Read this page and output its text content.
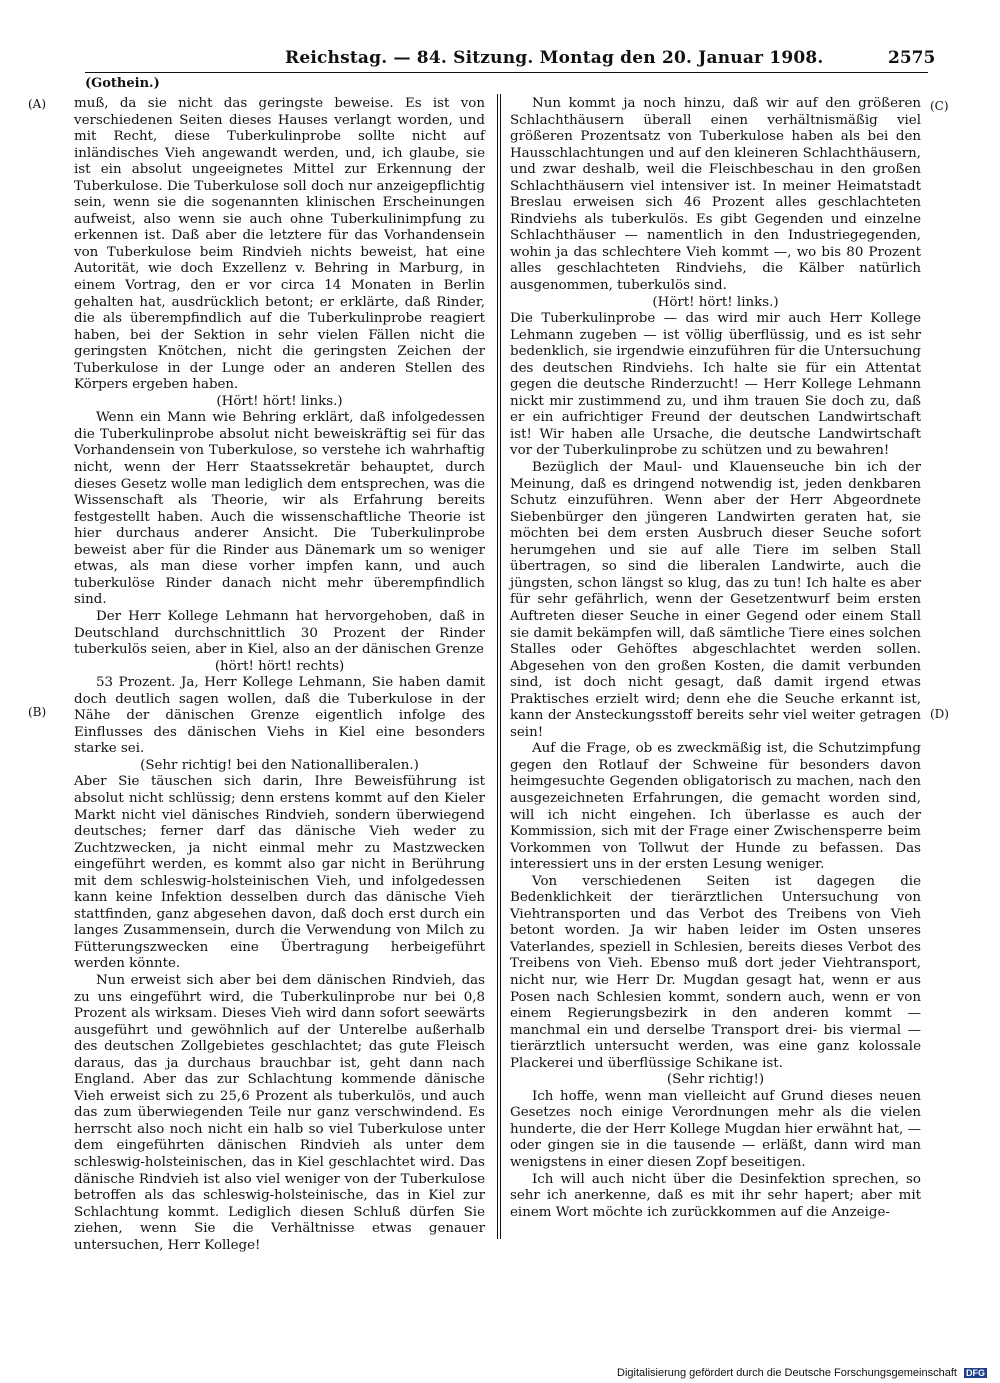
Reichstag. — 84. Sitzung. Montag den 20. Januar 1908.	2575
(Gothein.)
(A)
(B)
(C)
(D)

muß, da sie nicht das geringste beweise. Es ist von verschiedenen Seiten dieses Hauses verlangt worden, und mit Recht, diese Tuberkulinprobe sollte nicht auf inländisches Vieh angewandt werden, und, ich glaube, sie ist ein absolut ungeeignetes Mittel zur Erkennung der Tuberkulose. Die Tuberkulose soll doch nur anzeigepflichtig sein, wenn sie die sogenannten klinischen Erscheinungen aufweist, also wenn sie auch ohne Tuberkulinimpfung zu erkennen ist. Daß aber die letztere für das Vorhandensein von Tuberkulose beim Rindvieh nichts beweist, hat eine Autorität, wie doch Exzellenz v. Behring in Marburg, in einem Vortrag, den er vor circa 14 Monaten in Berlin gehalten hat, ausdrücklich betont; er erklärte, daß Rinder, die als überempfindlich auf die Tuberkulinprobe reagiert haben, bei der Sektion in sehr vielen Fällen nicht die geringsten Knötchen, nicht die geringsten Zeichen der Tuberkulose in der Lunge oder an anderen Stellen des Körpers ergeben haben.

(Hört! hört! links.)

Wenn ein Mann wie Behring erklärt, daß infolgedessen die Tuberkulinprobe absolut nicht beweiskräftig sei für das Vorhandensein von Tuberkulose, so verstehe ich wahrhaftig nicht, wenn der Herr Staatssekretär behauptet, durch dieses Gesetz wolle man lediglich dem entsprechen, was die Wissenschaft als Theorie, wir als Erfahrung bereits festgestellt haben. Auch die wissenschaftliche Theorie ist hier durchaus anderer Ansicht. Die Tuberkulinprobe beweist aber für die Rinder aus Dänemark um so weniger etwas, als man diese vorher impfen kann, und auch tuberkulöse Rinder danach nicht mehr überempfindlich sind.

Der Herr Kollege Lehmann hat hervorgehoben, daß in Deutschland durchschnittlich 30 Prozent der Rinder tuberkulös seien, aber in Kiel, also an der dänischen Grenze

(hört! hört! rechts)

53 Prozent. Ja, Herr Kollege Lehmann, Sie haben damit doch deutlich sagen wollen, daß die Tuberkulose in der Nähe der dänischen Grenze eigentlich infolge des Einflusses des dänischen Viehs in Kiel eine besonders starke sei.

(Sehr richtig! bei den Nationalliberalen.)

Aber Sie täuschen sich darin, Ihre Beweisführung ist absolut nicht schlüssig; denn erstens kommt auf den Kieler Markt nicht viel dänisches Rindvieh, sondern überwiegend deutsches; ferner darf das dänische Vieh weder zu Zuchtzwecken, ja nicht einmal mehr zu Mastzwecken eingeführt werden, es kommt also gar nicht in Berührung mit dem schleswig-holsteinischen Vieh, und infolgedessen kann keine Infektion desselben durch das dänische Vieh stattfinden, ganz abgesehen davon, daß doch erst durch ein langes Zusammensein, durch die Verwendung von Milch zu Fütterungszwecken eine Übertragung herbeigeführt werden könnte.

Nun erweist sich aber bei dem dänischen Rindvieh, das zu uns eingeführt wird, die Tuberkulinprobe nur bei 0,8 Prozent als wirksam. Dieses Vieh wird dann sofort seewärts ausgeführt und gewöhnlich auf der Unterelbe außerhalb des deutschen Zollgebietes geschlachtet; das gute Fleisch daraus, das ja durchaus brauchbar ist, geht dann nach England. Aber das zur Schlachtung kommende dänische Vieh erweist sich zu 25,6 Prozent als tuberkulös, und auch das zum überwiegenden Teile nur ganz verschwindend. Es herrscht also noch nicht ein halb so viel Tuberkulose unter dem eingeführten dänischen Rindvieh als unter dem schleswig-holsteinischen, das in Kiel geschlachtet wird. Das dänische Rindvieh ist also viel weniger von der Tuberkulose betroffen als das schleswig-holsteinische, das in Kiel zur Schlachtung kommt. Lediglich diesen Schluß dürfen Sie ziehen, wenn Sie die Verhältnisse etwas genauer untersuchen, Herr Kollege!

Nun kommt ja noch hinzu, daß wir auf den größeren Schlachthäusern überall einen verhältnismäßig viel größeren Prozentsatz von Tuberkulose haben als bei den Hausschlachtungen und auf den kleineren Schlachthäusern, und zwar deshalb, weil die Fleischbeschau in den großen Schlachthäusern viel intensiver ist. In meiner Heimatstadt Breslau erweisen sich 46 Prozent alles geschlachteten Rindviehs als tuberkulös. Es gibt Gegenden und einzelne Schlachthäuser — namentlich in den Industriegegenden, wohin ja das schlechtere Vieh kommt —, wo bis 80 Prozent alles geschlachteten Rindviehs, die Kälber natürlich ausgenommen, tuberkulös sind.

(Hört! hört! links.)

Die Tuberkulinprobe — das wird mir auch Herr Kollege Lehmann zugeben — ist völlig überflüssig, und es ist sehr bedenklich, sie irgendwie einzuführen für die Untersuchung des deutschen Rindviehs. Ich halte sie für ein Attentat gegen die deutsche Rinderzucht! — Herr Kollege Lehmann nickt mir zustimmend zu, und ihm trauen Sie doch zu, daß er ein aufrichtiger Freund der deutschen Landwirtschaft ist! Wir haben alle Ursache, die deutsche Landwirtschaft vor der Tuberkulinprobe zu schützen und zu bewahren!

Bezüglich der Maul- und Klauenseuche bin ich der Meinung, daß es dringend notwendig ist, jeden denkbaren Schutz einzuführen. Wenn aber der Herr Abgeordnete Siebenbürger den jüngeren Landwirten geraten hat, sie möchten bei dem ersten Ausbruch dieser Seuche sofort herumgehen und sie auf alle Tiere im selben Stall übertragen, so sind die liberalen Landwirte, auch die jüngsten, schon längst so klug, das zu tun! Ich halte es aber für sehr gefährlich, wenn der Gesetzentwurf beim ersten Auftreten dieser Seuche in einer Gegend oder einem Stall sie damit bekämpfen will, daß sämtliche Tiere eines solchen Stalles oder Gehöftes abgeschlachtet werden sollen. Abgesehen von den großen Kosten, die damit verbunden sind, ist doch nicht gesagt, daß damit irgend etwas Praktisches erzielt wird; denn ehe die Seuche erkannt ist, kann der Ansteckungsstoff bereits sehr viel weiter getragen sein!

Auf die Frage, ob es zweckmäßig ist, die Schutzimpfung gegen den Rotlauf der Schweine für besonders davon heimgesuchte Gegenden obligatorisch zu machen, nach den ausgezeichneten Erfahrungen, die gemacht worden sind, will ich nicht eingehen. Ich überlasse es auch der Kommission, sich mit der Frage einer Zwischensperre beim Vorkommen von Tollwut der Hunde zu befassen. Das interessiert uns in der ersten Lesung weniger.

Von verschiedenen Seiten ist dagegen die Bedenklichkeit der tierärztlichen Untersuchung von Viehtransporten und das Verbot des Treibens von Vieh betont worden. Ja wir haben leider im Osten unseres Vaterlandes, speziell in Schlesien, bereits dieses Verbot des Treibens von Vieh. Ebenso muß dort jeder Viehtransport, nicht nur, wie Herr Dr. Mugdan gesagt hat, wenn er aus Posen nach Schlesien kommt, sondern auch, wenn er von einem Regierungsbezirk in den anderen kommt — manchmal ein und derselbe Transport drei- bis viermal — tierärztlich untersucht werden, was eine ganz kolossale Plackerei und überflüssige Schikane ist.

(Sehr richtig!)

Ich hoffe, wenn man vielleicht auf Grund dieses neuen Gesetzes noch einige Verordnungen mehr als die vielen hunderte, die der Herr Kollege Mugdan hier erwähnt hat, — oder gingen sie in die tausende — erläßt, dann wird man wenigstens in einer diesen Zopf beseitigen.

Ich will auch nicht über die Desinfektion sprechen, so sehr ich anerkenne, daß es mit ihr sehr hapert; aber mit einem Wort möchte ich zurückkommen auf die Anzeige-

Digitalisierung gefördert durch die Deutsche Forschungsgemeinschaft DFG
